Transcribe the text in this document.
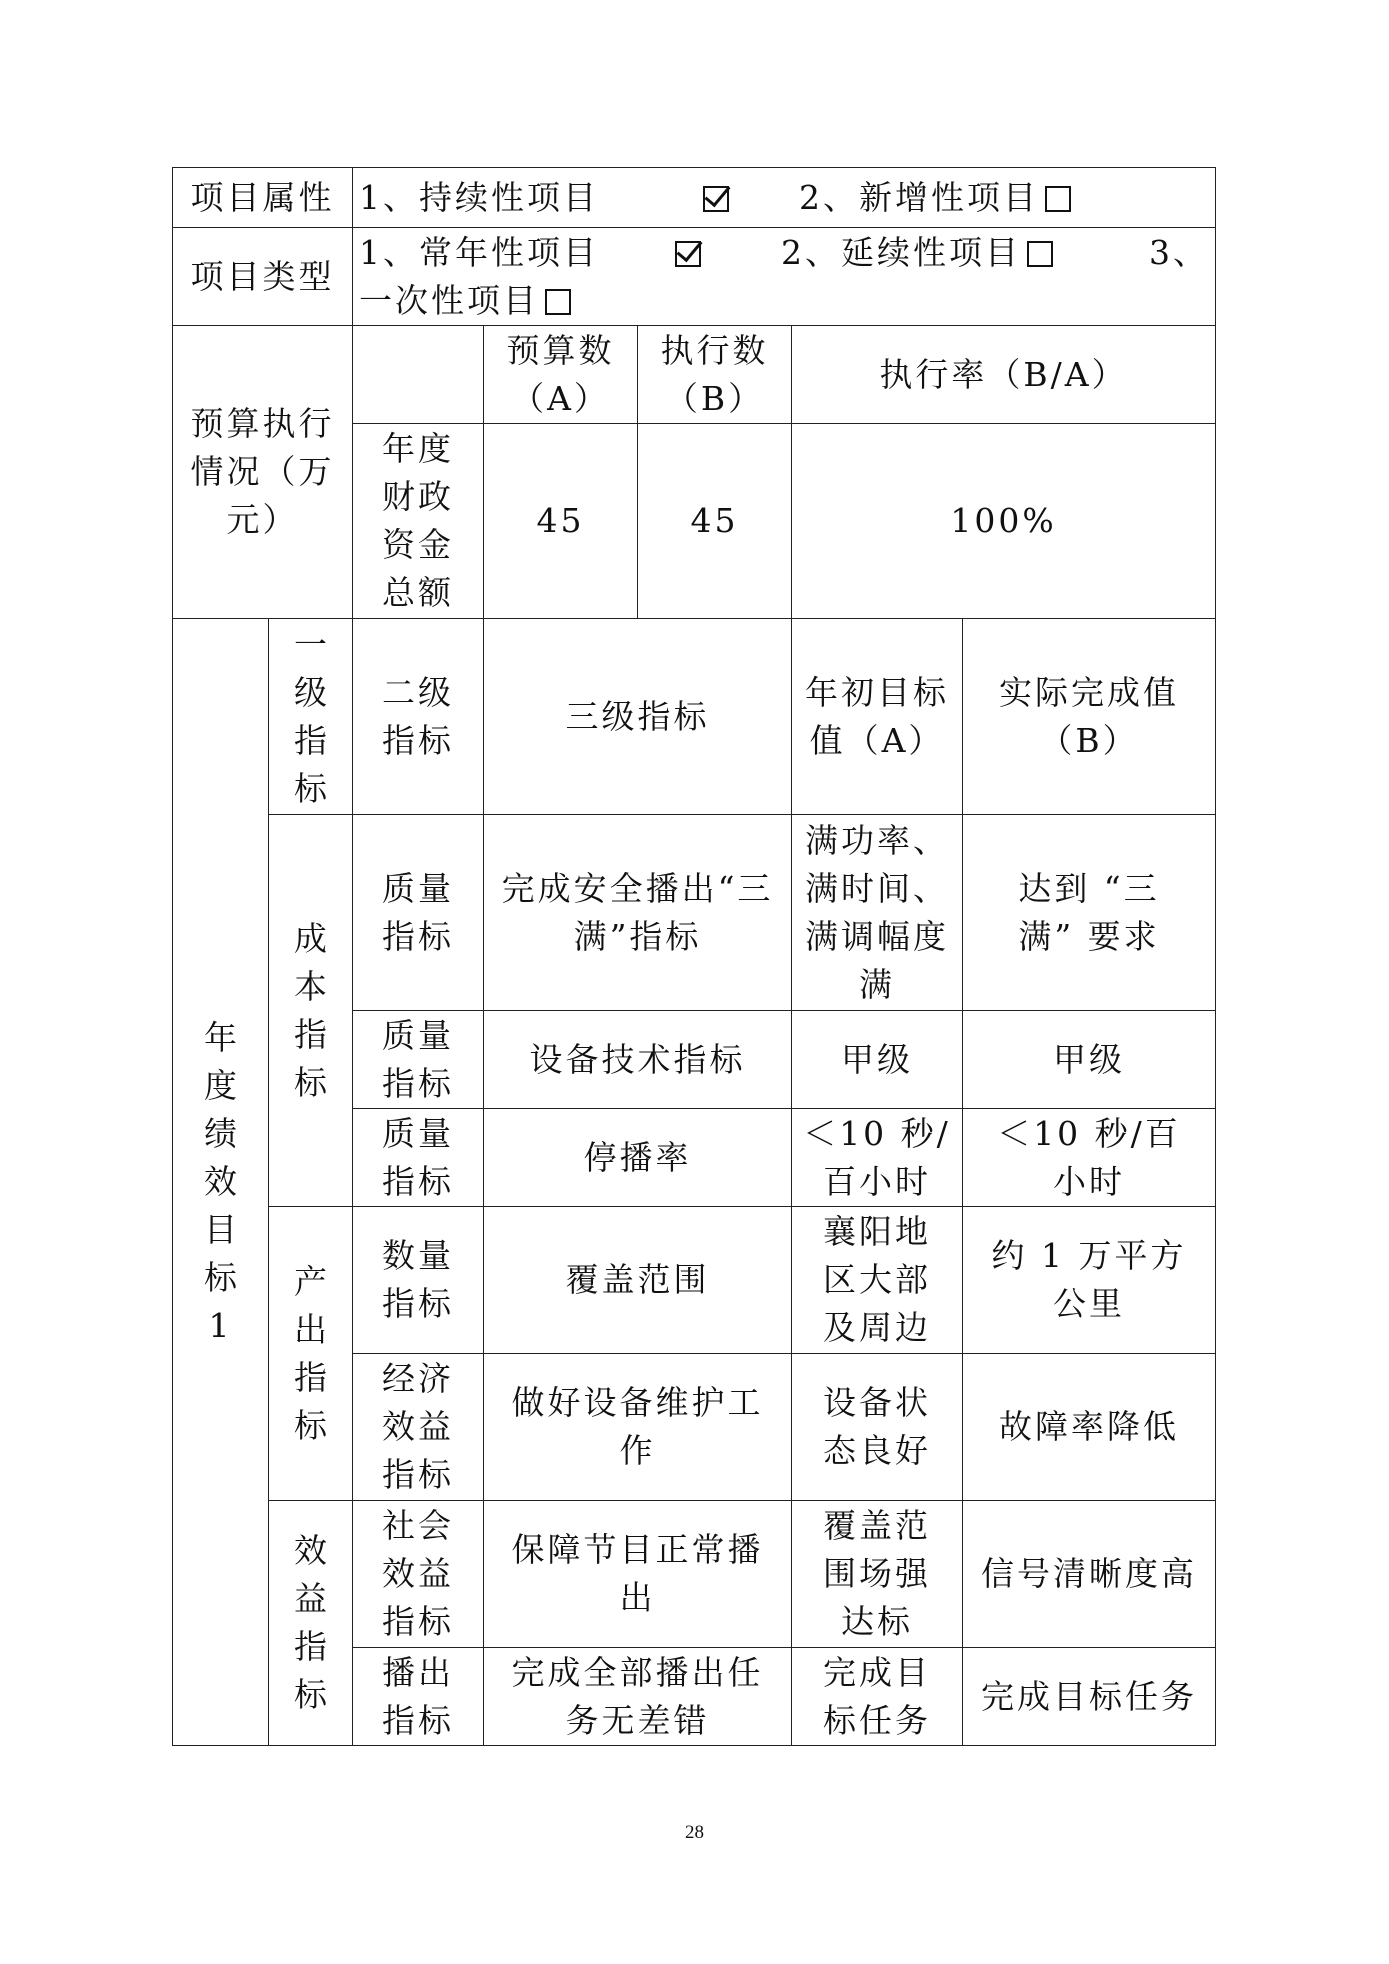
项目属性		1、持续性项目 2、新增性项目				
项目类型		1、常年性项目 2、延续性项目 3、
一次性项目				

预算执行情况（万元）			预算数（A）	执行数（B）	执行率（B/A）	
		年度财政资金总额	45	45	100%	

年度绩效目标1	一级指标	二级指标	三级指标		年初目标值（A）	实际完成值（B）

	成本指标	质量指标	完成安全播出“三满”指标		满功率、满时间、满调幅度满	达到 “三满” 要求
		质量指标	设备技术指标		甲级	甲级
		质量指标	停播率		＜10 秒/百小时	＜10 秒/百小时

	产出指标	数量指标	覆盖范围		襄阳地区大部及周边	约 1 万平方公里
		经济效益指标	做好设备维护工作		设备状态良好	故障率降低

	效益指标	社会效益指标	保障节目正常播出		覆盖范围场强达标	信号清晰度高
		播出指标	完成全部播出任务无差错		完成目标任务	完成目标任务
28
